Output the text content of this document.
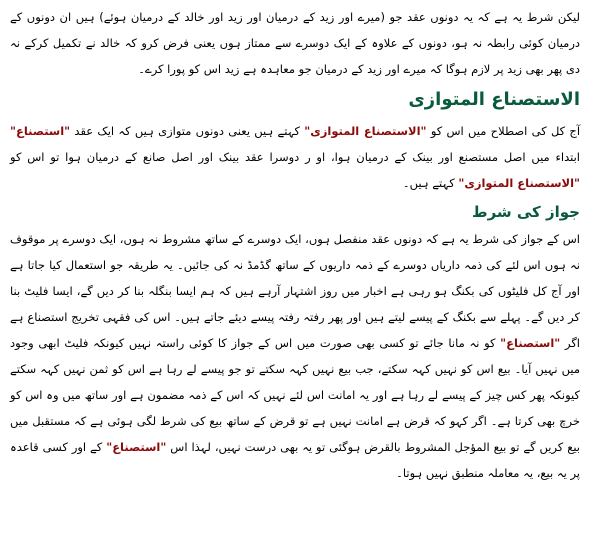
لیکن شرط یہ ہے کہ یہ دونوں عقد جو (میرے اور زید کے درمیان اور زید اور خالد کے درمیان ہوئے) ہیں ان دونوں کے درمیان کوئی رابطہ نہ ہو، دونوں کے علاوہ کے ایک دوسرے سے ممتاز ہوں یعنی فرض کرو کہ خالد نے تکمیل کرکے نہ دی پھر بھی زید پر لازم ہوگا کہ میرے اور زید کے درمیان جو معاہدہ ہے زید اس کو پورا کرے۔

الاستصناع المتوازی

آج کل کی اصطلاح میں اس کو "الاستصناع المتوازی" کہتے ہیں یعنی دونوں متوازی ہیں کہ ایک عقد "استصناع" ابتداء میں اصل مستصنع اور بینک کے درمیان ہوا، او ر دوسرا عقد بینک اور اصل صانع کے درمیان ہوا تو اس کو "الاستصناع المتوازی" کہتے ہیں۔

جواز کی شرط

اس کے جواز کی شرط یہ ہے کہ دونوں عقد منفصل ہوں، ایک دوسرے کے ساتھ مشروط نہ ہوں، ایک دوسرے پر موقوف نہ ہوں اس لئے کی ذمہ داریاں دوسرے کے ذمہ داریوں کے ساتھ گڈمڈ نہ کی جائیں۔ یہ طریقہ جو استعمال کیا جاتا ہے اور آج کل فلیٹوں کی بکنگ ہو رہی ہے اخبار میں روز اشتہار آرہے ہیں کہ ہم ایسا بنگلہ بنا کر دیں گے، ایسا فلیٹ بنا کر دیں گے۔ پہلے سے بکنگ کے پیسے لیتے ہیں اور پھر رفتہ رفتہ پیسے دیئے جاتے ہیں۔ اس کی فقہی تخریج استصناع ہے اگر "استصناع" کو نہ مانا جائے تو کسی بھی صورت میں اس کے جواز کا کوئی راستہ نہیں کیونکہ فلیٹ ابھی وجود میں نہیں آیا۔ بیع اس کو نہیں کہہ سکتے، جب بیع نہیں کہہ سکتے تو جو پیسے لے رہا ہے اس کو ثمن نہیں کہہ سکتے کیونکہ پھر کس چیز کے پیسے لے رہا ہے اور یہ امانت اس لئے نہیں کہ اس کے ذمہ مضمون ہے اور ساتھ میں وہ اس کو خرچ بھی کرتا ہے۔ اگر کہو کہ قرض ہے امانت نہیں ہے تو قرض کے ساتھ بیع کی شرط لگی ہوئی ہے کہ مستقبل میں بیع کریں گے تو بیع المؤجل المشروط بالقرض ہوگئی تو یہ بھی درست نہیں، لہذا اس "استصناع" کے اور کسی قاعدہ پر یہ بیع، یہ معاملہ منطبق نہیں ہوتا۔
